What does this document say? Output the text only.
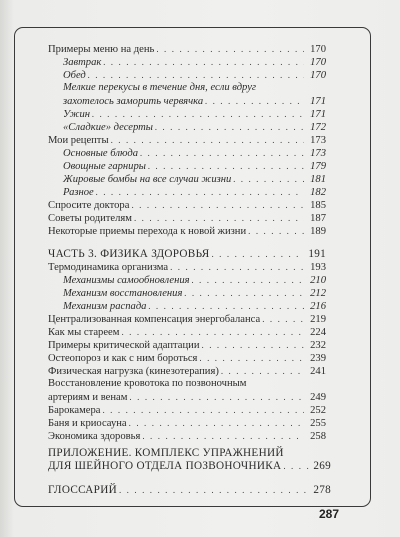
Примеры меню на день . . .	170
Завтрак . . .	170
Обед . . .	170
Мелкие перекусы в течение дня, если вдруг
захотелось заморить червячка . . .	171
Ужин . . .	171
«Сладкие» десерты . . .	172
Мои рецепты . . .	173
Основные блюда . . .	173
Овощные гарниры . . .	179
Жировые бомбы на все случаи жизни . . .	181
Разное . . .	182
Спросите доктора . . .	185
Советы родителям . . .	187
Некоторые приемы перехода к новой жизни . . .	189
ЧАСТЬ 3. ФИЗИКА ЗДОРОВЬЯ . . .	191
Термодинамика организма . . .	193
Механизмы самообновления . . .	210
Механизм восстановления . . .	212
Механизм распада . . .	216
Централизованная компенсация энергобаланса . . .	219
Как мы стареем . . .	224
Примеры критической адаптации . . .	232
Остеопороз и как с ним бороться . . .	239
Физическая нагрузка (кинезотерапия) . . .	241
Восстановление кровотока по позвоночным
артериям и венам . . .	249
Барокамера . . .	252
Баня и криосауна . . .	255
Экономика здоровья . . .	258
ПРИЛОЖЕНИЕ. КОМПЛЕКС УПРАЖНЕНИЙ
ДЛЯ ШЕЙНОГО ОТДЕЛА ПОЗВОНОЧНИКА . . .	269
ГЛОССАРИЙ . . .	278
287
